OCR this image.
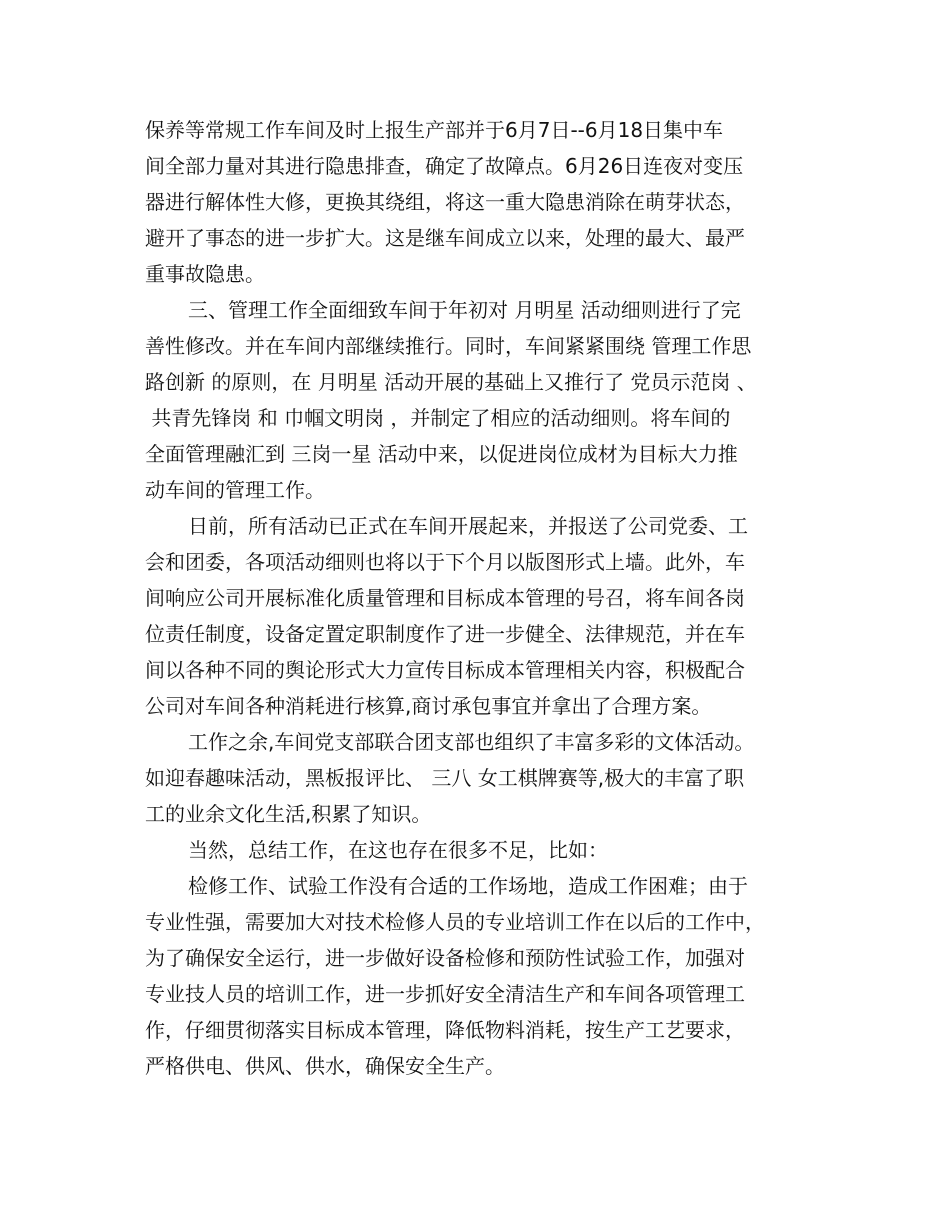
保养等常规工作车间及时上报生产部并于6月7日--6月18日集中车

间全部力量对其进行隐患排查，确定了故障点。6月26日连夜对变压

器进行解体性大修，更换其绕组，将这一重大隐患消除在萌芽状态，

避开了事态的进一步扩大。这是继车间成立以来，处理的最大、最严

重事故隐患。

三、管理工作全面细致车间于年初对 月明星 活动细则进行了完

善性修改。并在车间内部继续推行。同时，车间紧紧围绕 管理工作思

路创新 的原则，在 月明星 活动开展的基础上又推行了 党员示范岗 、

共青先锋岗 和 巾帼文明岗 ，并制定了相应的活动细则。将车间的

全面管理融汇到 三岗一星 活动中来，以促进岗位成材为目标大力推

动车间的管理工作。

日前，所有活动已正式在车间开展起来，并报送了公司党委、工

会和团委，各项活动细则也将以于下个月以版图形式上墙。此外，车

间响应公司开展标准化质量管理和目标成本管理的号召，将车间各岗

位责任制度，设备定置定职制度作了进一步健全、法律规范，并在车

间以各种不同的舆论形式大力宣传目标成本管理相关内容，积极配合

公司对车间各种消耗进行核算,商讨承包事宜并拿出了合理方案。

工作之余,车间党支部联合团支部也组织了丰富多彩的文体活动。

如迎春趣味活动，黑板报评比、 三八 女工棋牌赛等,极大的丰富了职

工的业余文化生活,积累了知识。

当然，总结工作，在这也存在很多不足，比如：

检修工作、试验工作没有合适的工作场地，造成工作困难；由于

专业性强，需要加大对技术检修人员的专业培训工作在以后的工作中，

为了确保安全运行，进一步做好设备检修和预防性试验工作，加强对

专业技人员的培训工作，进一步抓好安全清洁生产和车间各项管理工

作，仔细贯彻落实目标成本管理，降低物料消耗，按生产工艺要求，

严格供电、供风、供水，确保安全生产。
